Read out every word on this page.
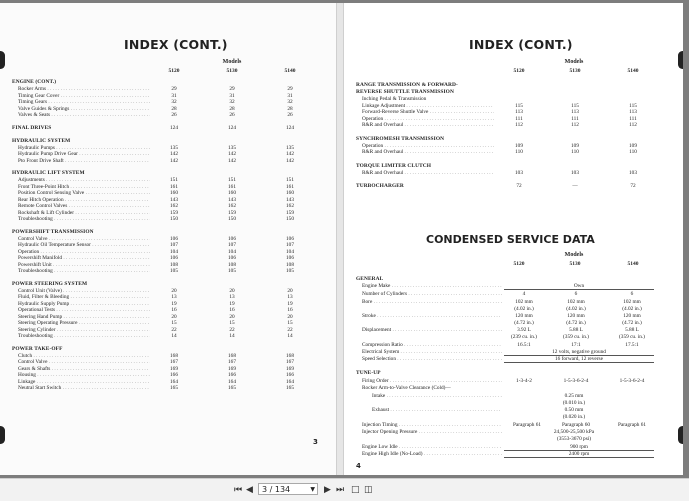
INDEX (CONT.)
Models
5120	5130	5140
ENGINE (CONT.)
Rocker Arms . . .	29	29	29
Timing Gear Cover . . .	31	31	31
Timing Gears . . .	32	32	32
Valve Guides & Springs . . .	28	28	28
Valves & Seats . . .	26	26	26
FINAL DRIVES	124	124	124
HYDRAULIC SYSTEM
Hydraulic Pumps . . .	135	135	135
Hydraulic Pump Drive Gear . . .	142	142	142
Pto Front Drive Shaft . . .	142	142	142
HYDRAULIC LIFT SYSTEM
Adjustments . . .	151	151	151
Front Three-Point Hitch . . .	161	161	161
Position Control Sensing Valve . . .	160	160	160
Rear Hitch Operation . . .	143	143	143
Remote Control Valves . . .	162	162	162
Rockshaft & Lift Cylinder . . .	159	159	159
Troubleshooting . . .	150	150	150
POWERSHIFT TRANSMISSION
Control Valve . . .	106	106	106
Hydraulic Oil Temperature Sensor . . .	107	107	107
Operation . . .	104	104	104
Powershift Manifold . . .	106	106	106
Powershift Unit . . .	108	108	108
Troubleshooting . . .	105	105	105
POWER STEERING SYSTEM
Control Unit (Valve) . . .	20	20	20
Fluid, Filter & Bleeding . . .	13	13	13
Hydraulic Supply Pump . . .	19	19	19
Operational Tests . . .	16	16	16
Steering Hand Pump . . .	20	20	20
Steering Operating Pressure . . .	15	15	15
Steering Cylinder . . .	22	22	22
Troubleshooting . . .	14	14	14
POWER TAKE-OFF
Clutch . . .	168	168	168
Control Valve . . .	167	167	167
Gears & Shafts . . .	169	169	169
Housing . . .	166	166	166
Linkage . . .	164	164	164
Neutral Start Switch . . .	165	165	165
3
INDEX (CONT.)
Models
5120	5130	5140
RANGE TRANSMISSION & FORWARD-
REVERSE SHUTTLE TRANSMISSION
Inching Pedal & Transmission
Linkage Adjustment . . .	115	115	115
Forward-Reverse Shuttle Valve . . .	113	113	113
Operation . . .	111	111	111
R&R and Overhaul . . .	112	112	112
SYNCHROMESH TRANSMISSION
Operation . . .	109	109	109
R&R and Overhaul . . .	110	110	110
TORQUE LIMITER CLUTCH
R&R and Overhaul . . .	103	103	103
TURBOCHARGER	72	—	72
CONDENSED SERVICE DATA
Models
5120	5130	5140
GENERAL
Engine Make . . .	Own
Number of Cylinders . . .	4	6	6
Bore . . .	102 mm	102 mm	102 mm
(4.02 in.)	(4.02 in.)	(4.02 in.)
Stroke . . .	120 mm	120 mm	120 mm
(4.72 in.)	(4.72 in.)	(4.72 in.)
Displacement . . .	3.92 L	5.88 L	5.88 L
(239 cu. in.)	(359 cu. in.)	(359 cu. in.)
Compression Ratio . . .	16.5:1	17:1	17.5:1
Electrical System . . .	12 volts, negative ground
Speed Selection . . .	16 forward, 12 reverse
TUNE-UP
Firing Order . . .	1-3-4-2	1-5-3-6-2-4	1-5-3-6-2-4
Rocker Arm-to-Valve Clearance (Cold)—
Intake . . .	0.25 mm
(0.010 in.)
Exhaust . . .	0.50 mm
(0.020 in.)
Injection Timing . . .	Paragraph 61	Paragraph 60	Paragraph 61
Injector Opening Pressure . . .	24,500-25,500 kPa
(3553-3670 psi)
Engine Low Idle . . .	900 rpm
Engine High Idle (No-Load) . . .	2400 rpm
4
⏮ ◀	3 / 134	▼ ▶ ⏭ □ ◫
